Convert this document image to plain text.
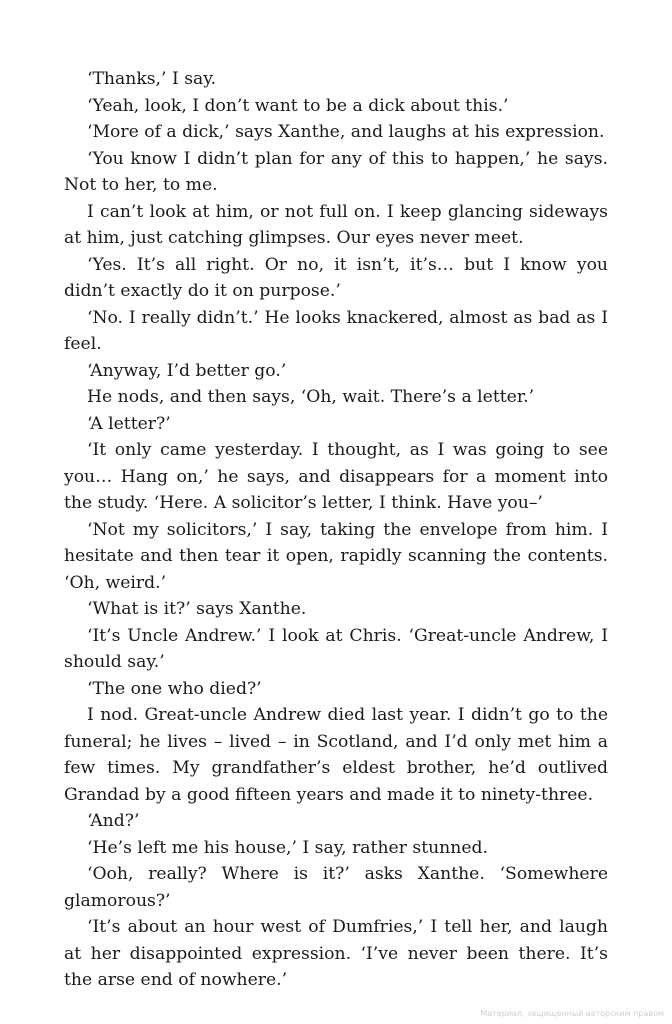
‘Thanks,’ I say.

‘Yeah, look, I don’t want to be a dick about this.’

‘More of a dick,’ says Xanthe, and laughs at his expression.

‘You know I didn’t plan for any of this to happen,’ he says. Not to her, to me.

I can’t look at him, or not full on. I keep glancing sideways at him, just catching glimpses. Our eyes never meet.

‘Yes. It’s all right. Or no, it isn’t, it’s… but I know you didn’t exactly do it on purpose.’

‘No. I really didn’t.’ He looks knackered, almost as bad as I feel.

‘Anyway, I’d better go.’

He nods, and then says, ‘Oh, wait. There’s a letter.’

‘A letter?’

‘It only came yesterday. I thought, as I was going to see you… Hang on,’ he says, and disappears for a moment into the study. ‘Here. A solicitor’s letter, I think. Have you–’

‘Not my solicitors,’ I say, taking the envelope from him. I hesitate and then tear it open, rapidly scanning the contents. ‘Oh, weird.’

‘What is it?’ says Xanthe.

‘It’s Uncle Andrew.’ I look at Chris. ‘Great-uncle Andrew, I should say.’

‘The one who died?’

I nod. Great-uncle Andrew died last year. I didn’t go to the funeral; he lives – lived – in Scotland, and I’d only met him a few times. My grandfather’s eldest brother, he’d outlived Grandad by a good fifteen years and made it to ninety-three.

‘And?’

‘He’s left me his house,’ I say, rather stunned.

‘Ooh, really? Where is it?’ asks Xanthe. ‘Somewhere glamorous?’

‘It’s about an hour west of Dumfries,’ I tell her, and laugh at her disappointed expression. ‘I’ve never been there. It’s the arse end of nowhere.’

Материал, защищенный авторским правом
